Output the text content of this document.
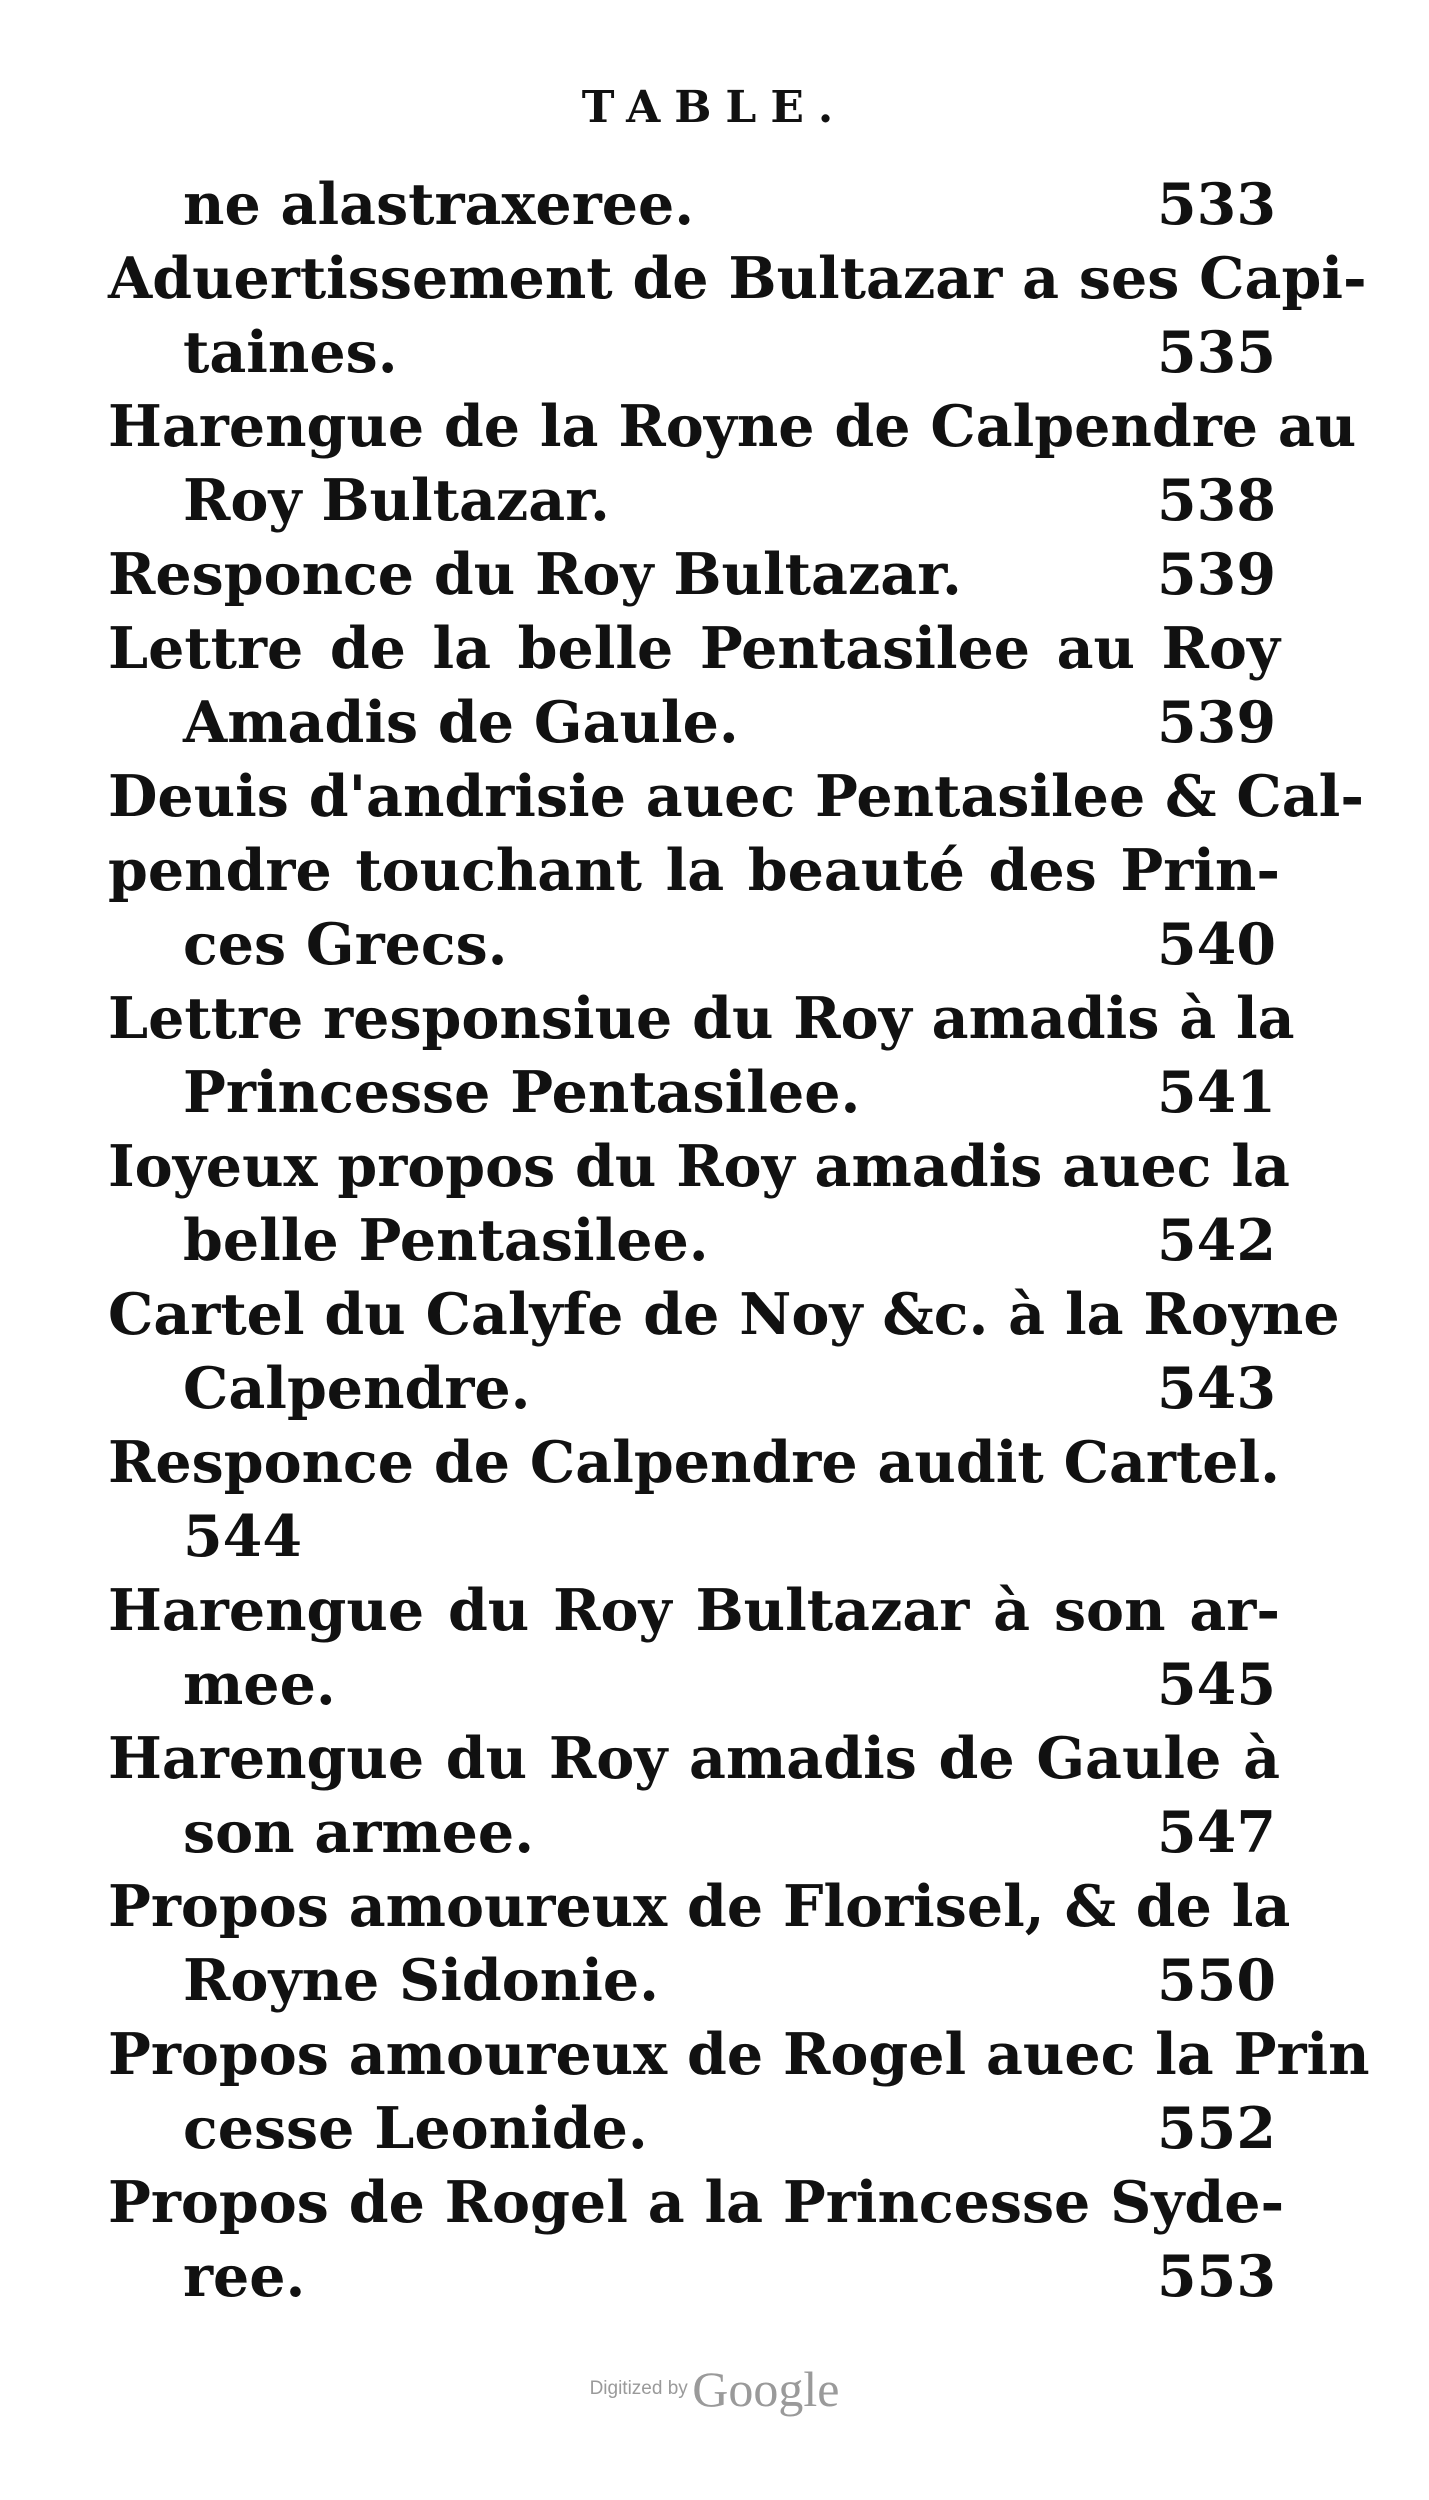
TABLE.
ne alastraxeree.	533
Aduertissement de Bultazar a ses Capi-
taines.	535
Harengue de la Royne de Calpendre au
Roy Bultazar.	538
Responce du Roy Bultazar.	539
Lettre de la belle Pentasilee au Roy
Amadis de Gaule.	539
Deuis d'andrisie auec Pentasilee & Cal-
pendre touchant la beauté des Prin-
ces Grecs.	540
Lettre responsiue du Roy amadis à la
Princesse Pentasilee.	541
Ioyeux propos du Roy amadis auec la
belle Pentasilee.	542
Cartel du Calyfe de Noy &c. à la Royne
Calpendre.	543
Responce de Calpendre audit Cartel.
544
Harengue du Roy Bultazar à son ar-
mee.	545
Harengue du Roy amadis de Gaule à
son armee.	547
Propos amoureux de Florisel, & de la
Royne Sidonie.	550
Propos amoureux de Rogel auec la Prin
cesse Leonide.	552
Propos de Rogel a la Princesse Syde-
ree.	553
Digitized by Google
